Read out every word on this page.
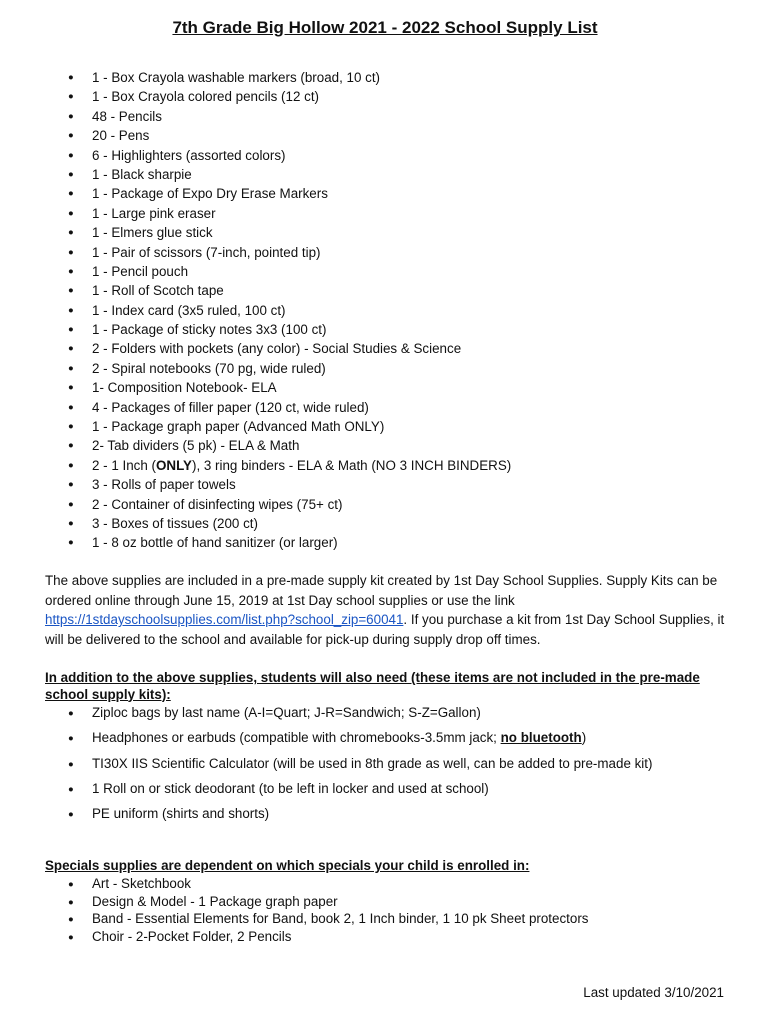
7th Grade Big Hollow 2021 - 2022 School Supply List
● 1 - Box Crayola washable markers (broad, 10 ct)
● 1 - Box Crayola colored pencils (12 ct)
● 48 - Pencils
● 20 - Pens
● 6 - Highlighters (assorted colors)
● 1 - Black sharpie
● 1 - Package of Expo Dry Erase Markers
● 1 - Large pink eraser
● 1 - Elmers glue stick
● 1 - Pair of scissors (7-inch, pointed tip)
● 1 - Pencil pouch
● 1 - Roll of Scotch tape
● 1 - Index card (3x5 ruled, 100 ct)
● 1 - Package of sticky notes 3x3 (100 ct)
● 2 - Folders with pockets (any color) - Social Studies & Science
● 2 - Spiral notebooks (70 pg, wide ruled)
● 1- Composition Notebook- ELA
● 4 - Packages of filler paper (120 ct, wide ruled)
● 1 - Package graph paper (Advanced Math ONLY)
● 2- Tab dividers (5 pk) - ELA & Math
● 2 - 1 Inch (ONLY), 3 ring binders - ELA & Math (NO 3 INCH BINDERS)
● 3 - Rolls of paper towels
● 2 - Container of disinfecting wipes (75+ ct)
● 3 - Boxes of tissues (200 ct)
● 1 - 8 oz bottle of hand sanitizer (or larger)

The above supplies are included in a pre-made supply kit created by 1st Day School Supplies. Supply Kits can be ordered online through June 15, 2019 at 1st Day school supplies or use the link https://1stdayschoolsupplies.com/list.php?school_zip=60041. If you purchase a kit from 1st Day School Supplies, it will be delivered to the school and available for pick-up during supply drop off times.

In addition to the above supplies, students will also need (these items are not included in the pre-made school supply kits):

● Ziploc bags by last name (A-I=Quart; J-R=Sandwich; S-Z=Gallon)
● Headphones or earbuds (compatible with chromebooks-3.5mm jack; no bluetooth)
● TI30X IIS Scientific Calculator (will be used in 8th grade as well, can be added to pre-made kit)
● 1 Roll on or stick deodorant (to be left in locker and used at school)
● PE uniform (shirts and shorts)

Specials supplies are dependent on which specials your child is enrolled in:

● Art - Sketchbook
● Design & Model - 1 Package graph paper
● Band - Essential Elements for Band, book 2, 1 Inch binder, 1 10 pk Sheet protectors
● Choir - 2-Pocket Folder, 2 Pencils

Last updated 3/10/2021
